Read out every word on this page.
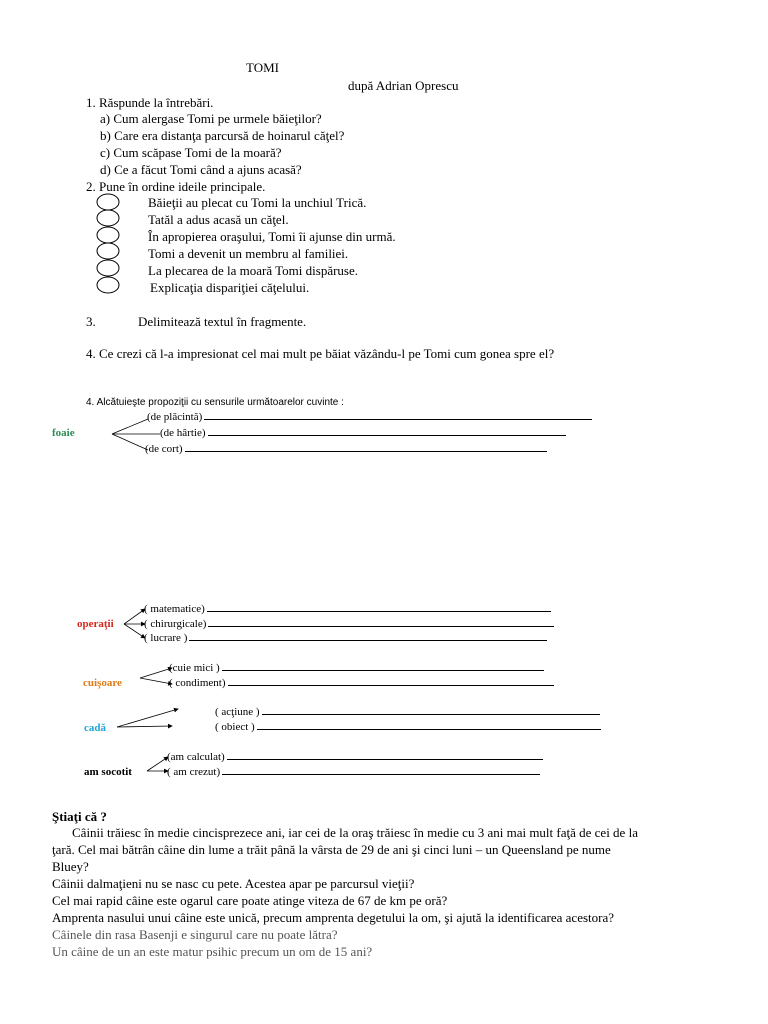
TOMI
după Adrian Oprescu
1. Răspunde la întrebări.
a) Cum alergase Tomi pe urmele băieţilor?
b) Care era distanţa parcursă de hoinarul căţel?
c) Cum scăpase Tomi de la moară?
d) Ce a făcut Tomi când a ajuns acasă?
2. Pune în ordine ideile principale.
Băieţii au plecat cu Tomi la unchiul Trică.
Tatăl a adus acasă un căţel.
În apropierea oraşului, Tomi îi ajunse din urmă.
Tomi a devenit un membru al familiei.
La plecarea de la moară Tomi dispăruse.
Explicaţia dispariţiei căţelului.
3.	Delimitează textul în fragmente.
4. Ce crezi că l-a impresionat cel mai mult pe băiat văzându-l pe Tomi cum gonea spre el?
4. Alcătuieşte propoziţii cu sensurile următoarelor cuvinte :
foaie
(de plăcintă)
(de hârtie)
(de cort)
operaţii
( matematice)
( chirurgicale)
( lucrare )
cuişoare
(cuie mici )
( condiment)
cadă
( acţiune )
( obiect )
am socotit
(am calculat)
( am crezut)
Ştiaţi că ?
Câinii trăiesc în medie cincisprezece ani, iar cei de la oraş trăiesc în medie cu 3 ani mai mult faţă de cei de la
ţară. Cel mai bătrân câine din lume a trăit până la vârsta de 29 de ani şi cinci luni – un Queensland pe nume
Bluey?
Câinii dalmaţieni nu se nasc cu pete. Acestea apar pe parcursul vieţii?
Cel mai rapid câine este ogarul care poate atinge viteza de 67 de km pe oră?
Amprenta nasului unui câine este unică, precum amprenta degetului la om, şi ajută la identificarea acestora?
Câinele din rasa Basenji e singurul care nu poate lătra?
Un câine de un an este matur psihic precum un om de 15 ani?
